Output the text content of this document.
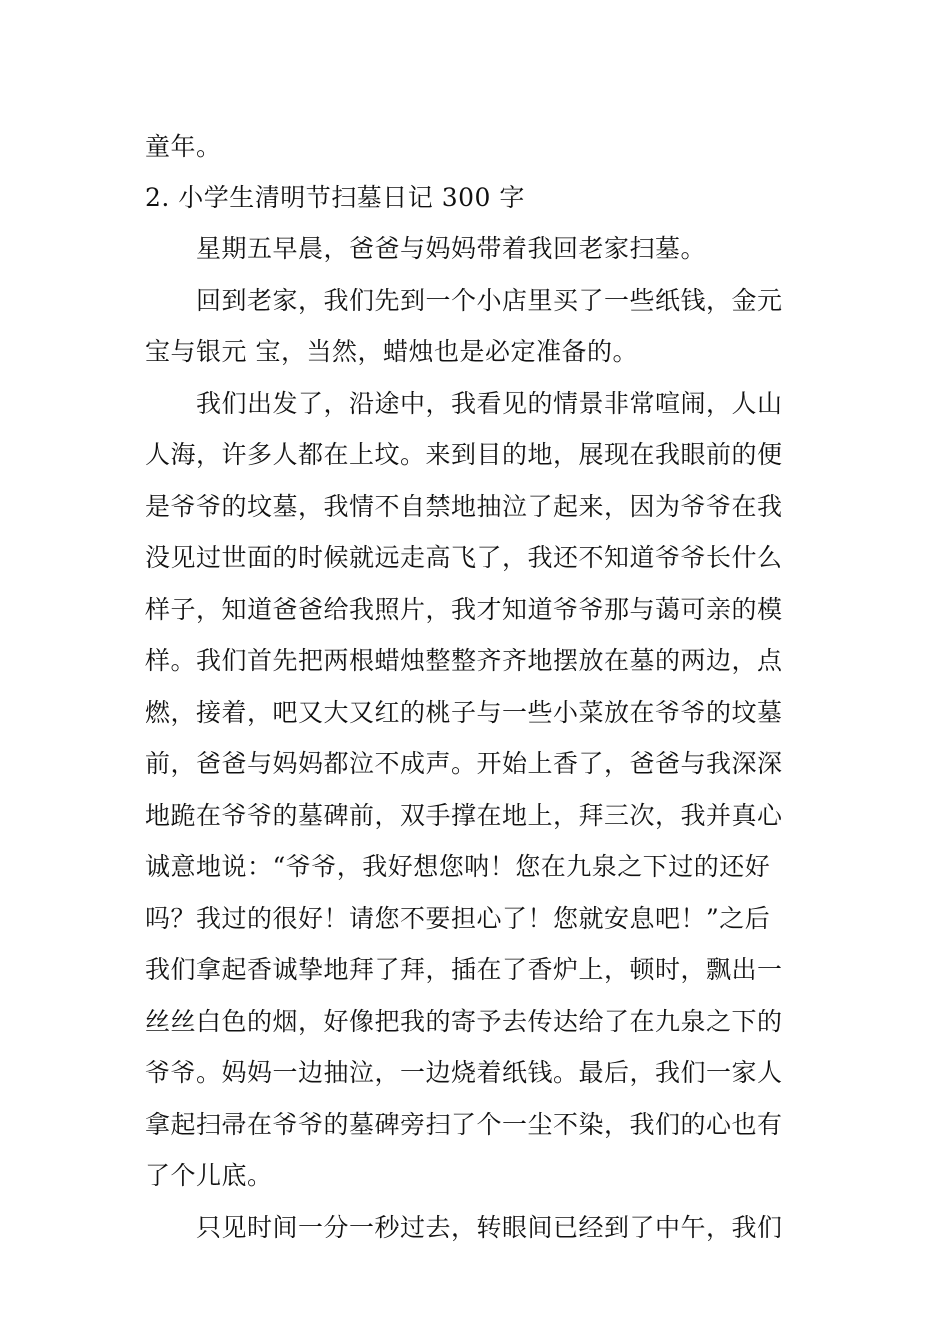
童年。
2. 小学生清明节扫墓日记 300 字
星期五早晨，爸爸与妈妈带着我回老家扫墓。
回到老家，我们先到一个小店里买了一些纸钱，金元
宝与银元 宝，当然，蜡烛也是必定准备的。
我们出发了，沿途中，我看见的情景非常喧闹，人山
人海，许多人都在上坟。来到目的地，展现在我眼前的便
是爷爷的坟墓，我情不自禁地抽泣了起来，因为爷爷在我
没见过世面的时候就远走高飞了，我还不知道爷爷长什么
样子，知道爸爸给我照片，我才知道爷爷那与蔼可亲的模
样。我们首先把两根蜡烛整整齐齐地摆放在墓的两边，点
燃，接着，吧又大又红的桃子与一些小菜放在爷爷的坟墓
前，爸爸与妈妈都泣不成声。开始上香了，爸爸与我深深
地跪在爷爷的墓碑前，双手撑在地上，拜三次，我并真心
诚意地说：“爷爷，我好想您呐！您在九泉之下过的还好
吗？我过的很好！请您不要担心了！您就安息吧！”之后
我们拿起香诚挚地拜了拜，插在了香炉上，顿时，飘出一
丝丝白色的烟，好像把我的寄予去传达给了在九泉之下的
爷爷。妈妈一边抽泣，一边烧着纸钱。最后，我们一家人
拿起扫帚在爷爷的墓碑旁扫了个一尘不染，我们的心也有
了个儿底。
只见时间一分一秒过去，转眼间已经到了中午，我们
